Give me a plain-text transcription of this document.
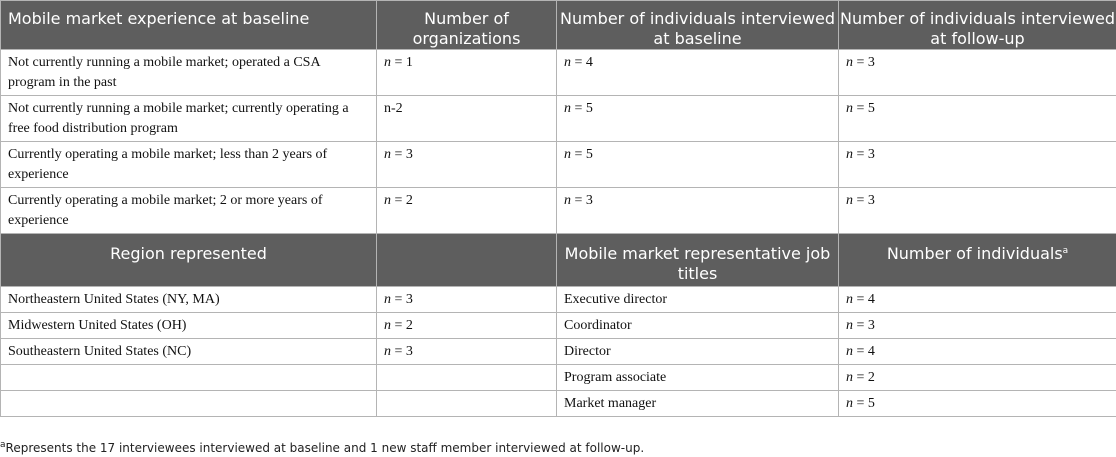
Mobile market experience at baseline	Number of organizations	Number of individuals interviewed at baseline	Number of individuals interviewed at follow-up
Not currently running a mobile market; operated a CSA program in the past	n = 1	n = 4	n = 3
Not currently running a mobile market; currently operating a free food distribution program	n-2	n = 5	n = 5
Currently operating a mobile market; less than 2 years of experience	n = 3	n = 5	n = 3
Currently operating a mobile market; 2 or more years of experience	n = 2	n = 3	n = 3
Region represented		Mobile market representative job titles	Number of individuals$^a$
Northeastern United States (NY, MA)	n = 3	Executive director	n = 4
Midwestern United States (OH)	n = 2	Coordinator	n = 3
Southeastern United States (NC)	n = 3	Director	n = 4
		Program associate	n = 2
		Market manager	n = 5
$^a$Represents the 17 interviewees interviewed at baseline and 1 new staff member interviewed at follow-up.
